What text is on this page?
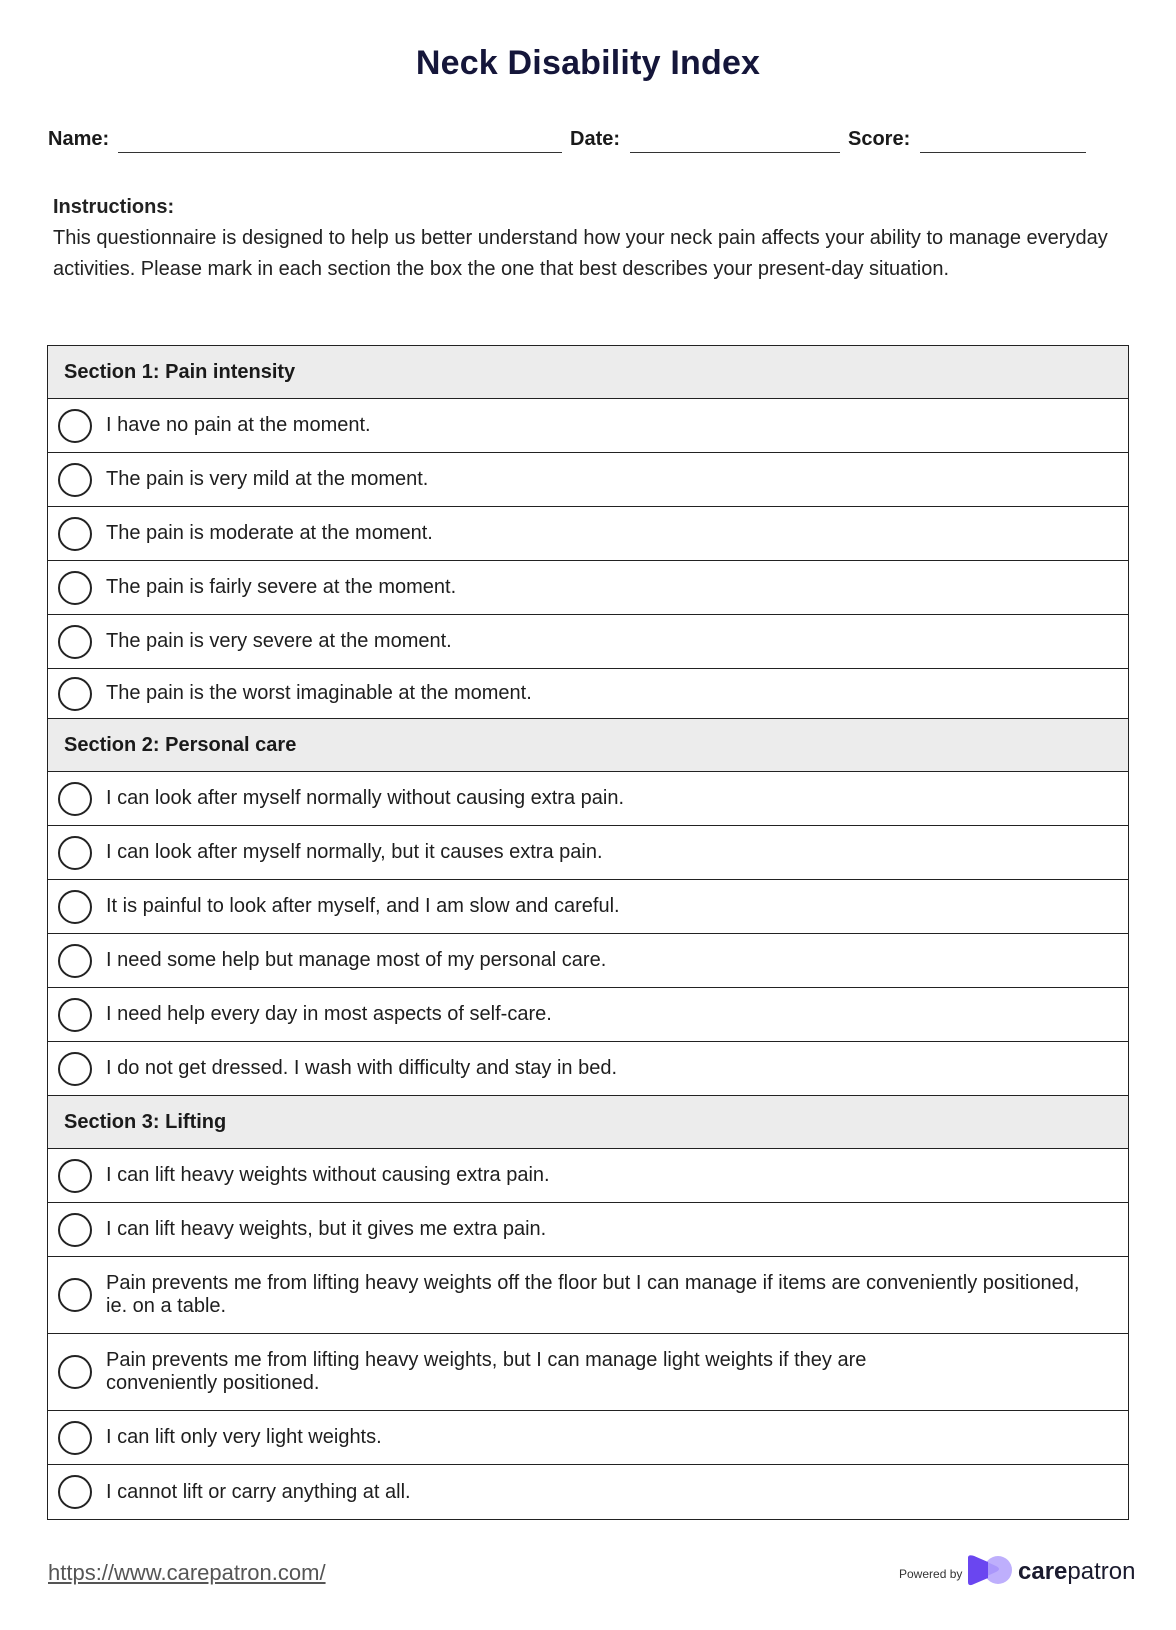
Neck Disability Index
Name:	Date:	Score:
Instructions:
This questionnaire is designed to help us better understand how your neck pain affects your ability to manage everyday activities. Please mark in each section the box the one that best describes your present-day situation.
Section 1: Pain intensity
I have no pain at the moment.
The pain is very mild at the moment.
The pain is moderate at the moment.
The pain is fairly severe at the moment.
The pain is very severe at the moment.
The pain is the worst imaginable at the moment.
Section 2: Personal care
I can look after myself normally without causing extra pain.
I can look after myself normally, but it causes extra pain.
It is painful to look after myself, and I am slow and careful.
I need some help but manage most of my personal care.
I need help every day in most aspects of self-care.
I do not get dressed. I wash with difficulty and stay in bed.
Section 3: Lifting
I can lift heavy weights without causing extra pain.
I can lift heavy weights, but it gives me extra pain.
Pain prevents me from lifting heavy weights off the floor but I can manage if items are conveniently positioned, ie. on a table.
Pain prevents me from lifting heavy weights, but I can manage light weights if they are conveniently positioned.
I can lift only very light weights.
I cannot lift or carry anything at all.
https://www.carepatron.com/	Powered by carepatron
